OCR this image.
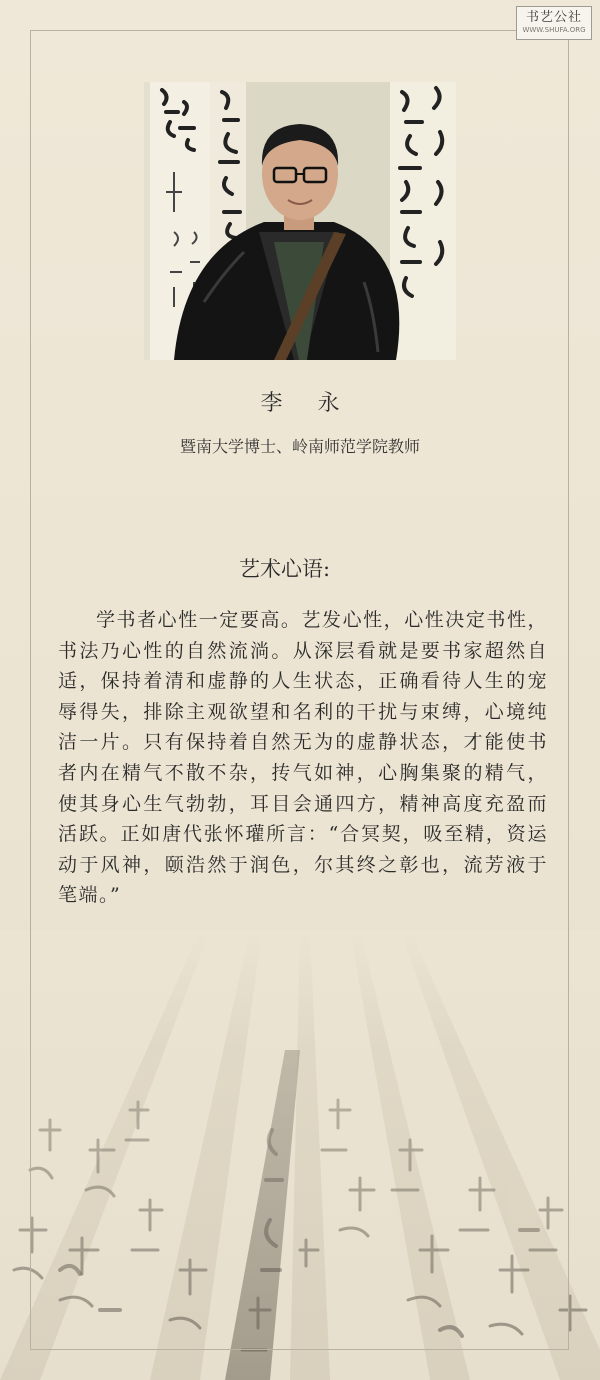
书艺公社
WWW.SHUFA.ORG
李 永
暨南大学博士、岭南师范学院教师
艺术心语:
学书者心性一定要高。艺发心性，心性决定书性，书法乃心性的自然流淌。从深层看就是要书家超然自适，保持着清和虚静的人生状态，正确看待人生的宠辱得失，排除主观欲望和名利的干扰与束缚，心境纯洁一片。只有保持着自然无为的虚静状态，才能使书者内在精气不散不杂，抟气如神，心胸集聚的精气，使其身心生气勃勃，耳目会通四方，精神高度充盈而活跃。正如唐代张怀瓘所言：“合冥契，吸至精，资运动于风神，颐浩然于润色，尔其终之彰也，流芳液于笔端。”
